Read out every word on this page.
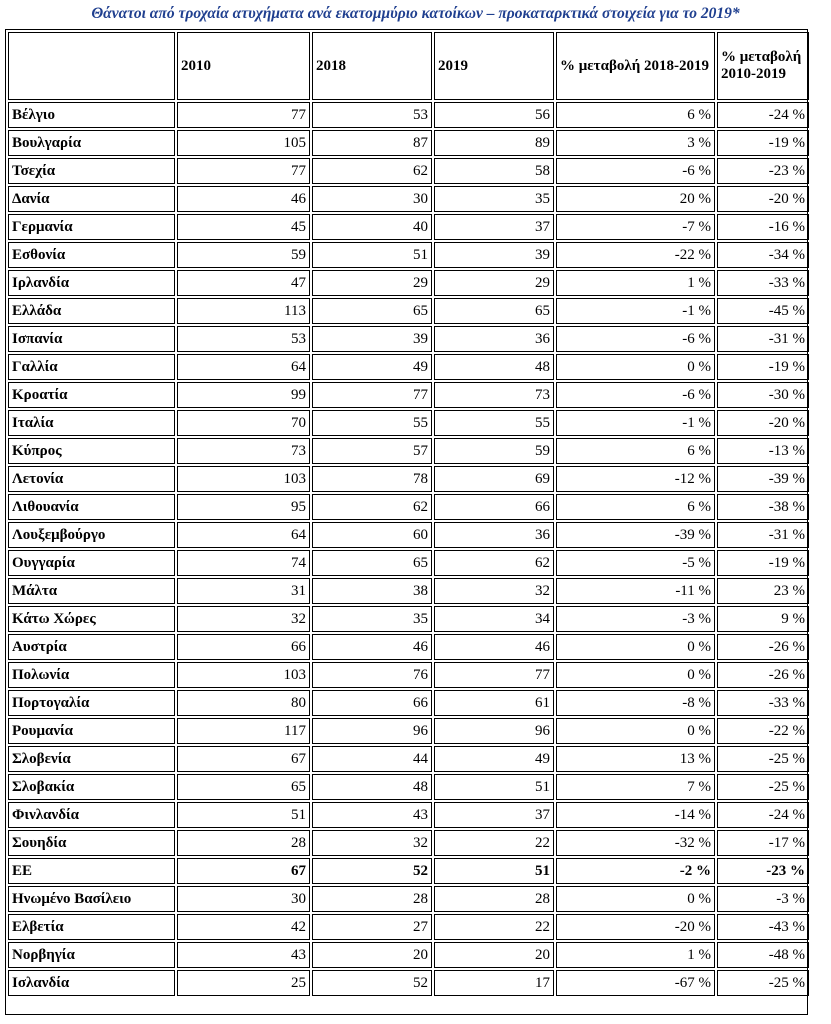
Θάνατοι από τροχαία ατυχήματα ανά εκατομμύριο κατοίκων – προκαταρκτικά στοιχεία για το 2019*
	2010	2018	2019	% μεταβολή 2018-2019	% μεταβολή 2010-2019
Βέλγιο	77	53	56	6 %	-24 %
Βουλγαρία	105	87	89	3 %	-19 %
Τσεχία	77	62	58	-6 %	-23 %
Δανία	46	30	35	20 %	-20 %
Γερμανία	45	40	37	-7 %	-16 %
Εσθονία	59	51	39	-22 %	-34 %
Ιρλανδία	47	29	29	1 %	-33 %
Ελλάδα	113	65	65	-1 %	-45 %
Ισπανία	53	39	36	-6 %	-31 %
Γαλλία	64	49	48	0 %	-19 %
Κροατία	99	77	73	-6 %	-30 %
Ιταλία	70	55	55	-1 %	-20 %
Κύπρος	73	57	59	6 %	-13 %
Λετονία	103	78	69	-12 %	-39 %
Λιθουανία	95	62	66	6 %	-38 %
Λουξεμβούργο	64	60	36	-39 %	-31 %
Ουγγαρία	74	65	62	-5 %	-19 %
Μάλτα	31	38	32	-11 %	23 %
Κάτω Χώρες	32	35	34	-3 %	9 %
Αυστρία	66	46	46	0 %	-26 %
Πολωνία	103	76	77	0 %	-26 %
Πορτογαλία	80	66	61	-8 %	-33 %
Ρουμανία	117	96	96	0 %	-22 %
Σλοβενία	67	44	49	13 %	-25 %
Σλοβακία	65	48	51	7 %	-25 %
Φινλανδία	51	43	37	-14 %	-24 %
Σουηδία	28	32	22	-32 %	-17 %
ΕΕ	67	52	51	-2 %	-23 %
Ηνωμένο Βασίλειο	30	28	28	0 %	-3 %
Ελβετία	42	27	22	-20 %	-43 %
Νορβηγία	43	20	20	1 %	-48 %
Ισλανδία	25	52	17	-67 %	-25 %
